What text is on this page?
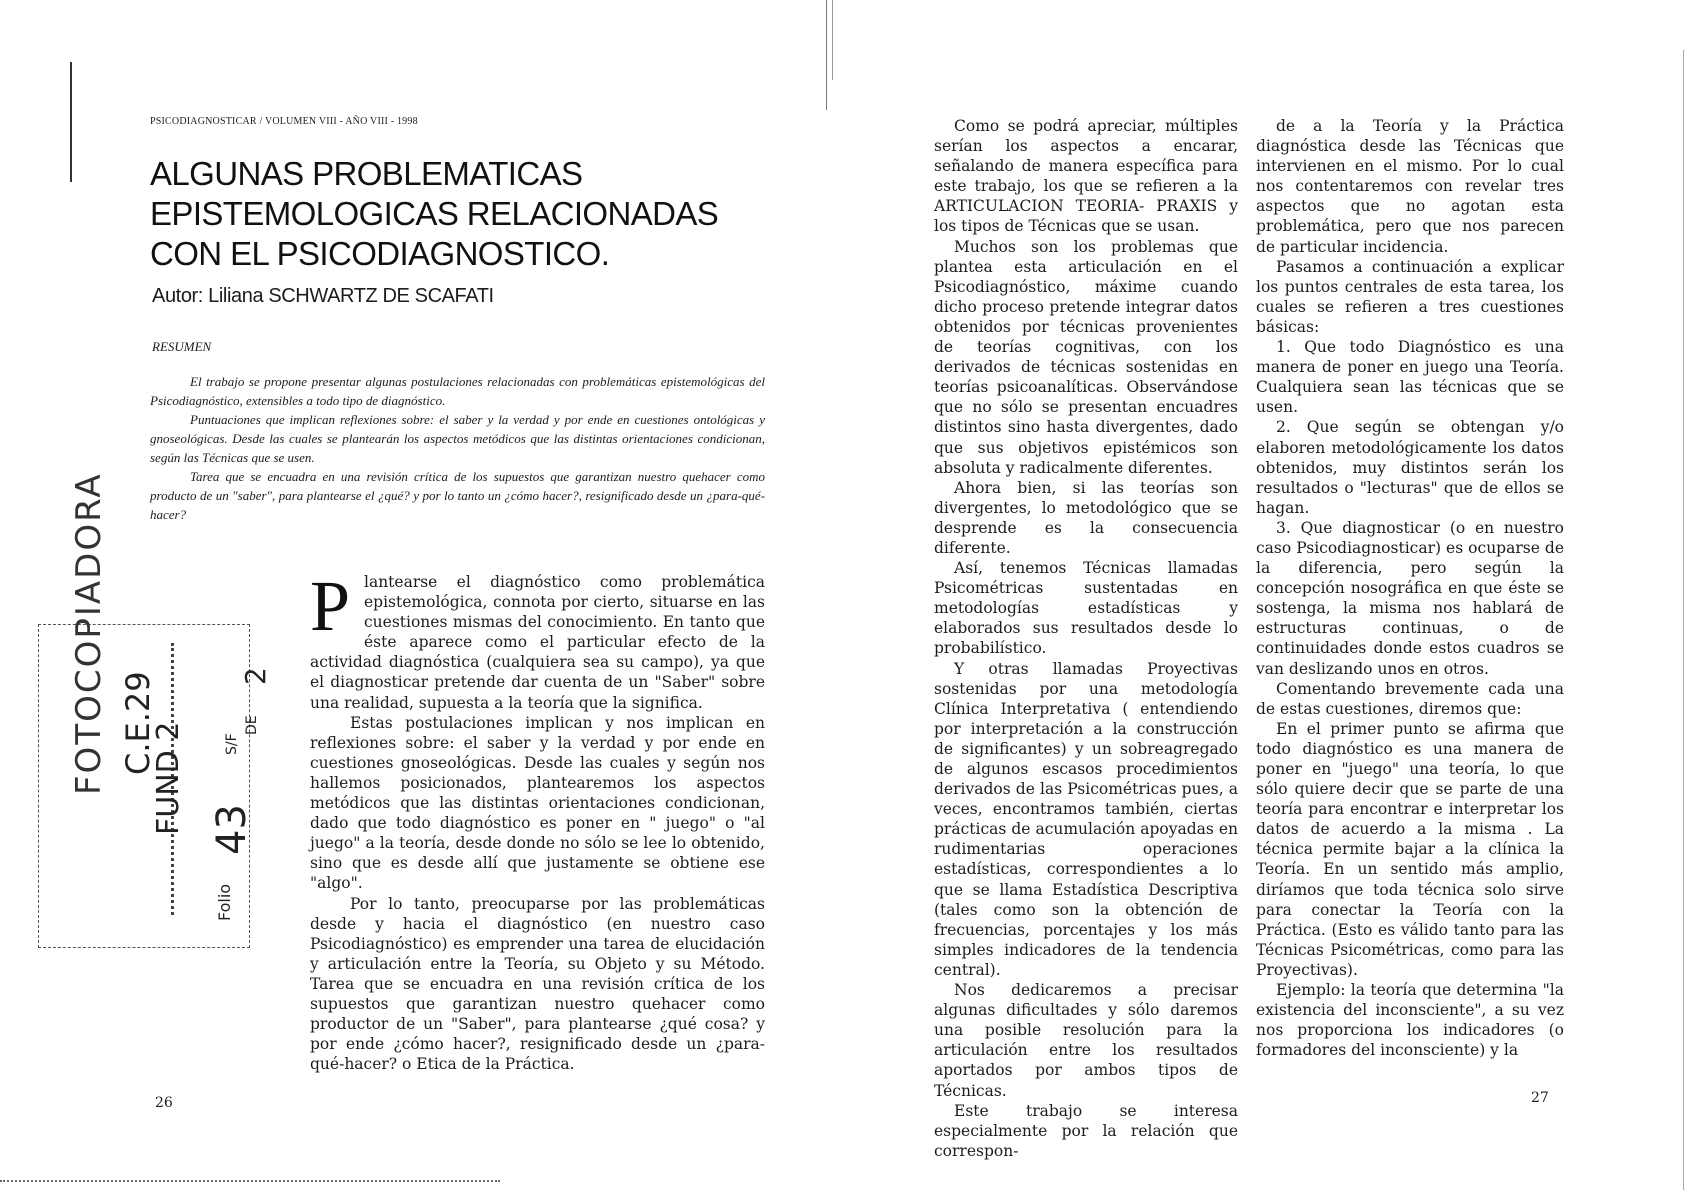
PSICODIAGNOSTICAR / VOLUMEN VIII - AÑO VIII - 1998
ALGUNAS PROBLEMATICAS EPISTEMOLOGICAS RELACIONADAS CON EL PSICODIAGNOSTICO.
Autor: Liliana SCHWARTZ DE SCAFATI
RESUMEN

El trabajo se propone presentar algunas postulaciones relacionadas con problemáticas epistemológicas del Psicodiagnóstico, extensibles a todo tipo de diagnóstico.

Puntuaciones que implican reflexiones sobre: el saber y la verdad y por ende en cuestiones ontológicas y gnoseológicas. Desde las cuales se plantearán los aspectos metódicos que las distintas orientaciones condicionan, según las Técnicas que se usen.

Tarea que se encuadra en una revisión crítica de los supuestos que garantizan nuestro quehacer como producto de un "saber", para plantearse el ¿qué? y por lo tanto un ¿cómo hacer?, resignificado desde un ¿para-qué-hacer?

Plantearse el diagnóstico como problemática epistemológica, connota por cierto, situarse en las cuestiones mismas del conocimiento. En tanto que éste aparece como el particular efecto de la actividad diagnóstica (cualquiera sea su campo), ya que el diagnosticar pretende dar cuenta de un "Saber" sobre una realidad, supuesta a la teoría que la significa.

Estas postulaciones implican y nos implican en reflexiones sobre: el saber y la verdad y por ende en cuestiones gnoseológicas. Desde las cuales y según nos hallemos posicionados, plantearemos los aspectos metódicos que las distintas orientaciones condicionan, dado que todo diagnóstico es poner en " juego" o "al juego" a la teoría, desde donde no sólo se lee lo obtenido, sino que es desde allí que justamente se obtiene ese "algo".

Por lo tanto, preocuparse por las problemáticas desde y hacia el diagnóstico (en nuestro caso Psicodiagnóstico) es emprender una tarea de elucidación y articulación entre la Teoría, su Objeto y su Método. Tarea que se encuadra en una revisión crítica de los supuestos que garantizan nuestro quehacer como productor de un "Saber", para plantearse ¿qué cosa? y por ende ¿cómo hacer?, resignificado desde un ¿para-qué-hacer? o Etica de la Práctica.

26
FOTOCOPIADORA C.E.29
FUND 2
Folio
43
S/F
DE
2

Como se podrá apreciar, múltiples serían los aspectos a encarar, señalando de manera específica para este trabajo, los que se refieren a la ARTICULACION TEORIA- PRAXIS y los tipos de Técnicas que se usan.

Muchos son los problemas que plantea esta articulación en el Psicodiagnóstico, máxime cuando dicho proceso pretende integrar datos obtenidos por técnicas provenientes de teorías cognitivas, con los derivados de técnicas sostenidas en teorías psicoanalíticas. Observándose que no sólo se presentan encuadres distintos sino hasta divergentes, dado que sus objetivos epistémicos son absoluta y radicalmente diferentes.

Ahora bien, si las teorías son divergentes, lo metodológico que se desprende es la consecuencia diferente.

Así, tenemos Técnicas llamadas Psicométricas sustentadas en metodologías estadísticas y elaborados sus resultados desde lo probabilístico.

Y otras llamadas Proyectivas sostenidas por una metodología Clínica Interpretativa ( entendiendo por interpretación a la construcción de significantes) y un sobreagregado de algunos escasos procedimientos derivados de las Psicométricas pues, a veces, encontramos también, ciertas prácticas de acumulación apoyadas en rudimentarias operaciones estadísticas, correspondientes a lo que se llama Estadística Descriptiva (tales como son la obtención de frecuencias, porcentajes y los más simples indicadores de la tendencia central).

Nos dedicaremos a precisar algunas dificultades y sólo daremos una posible resolución para la articulación entre los resultados aportados por ambos tipos de Técnicas.

Este trabajo se interesa especialmente por la relación que correspon-

de a la Teoría y la Práctica diagnóstica desde las Técnicas que intervienen en el mismo. Por lo cual nos contentaremos con revelar tres aspectos que no agotan esta problemática, pero que nos parecen de particular incidencia.

Pasamos a continuación a explicar los puntos centrales de esta tarea, los cuales se refieren a tres cuestiones básicas:

1. Que todo Diagnóstico es una manera de poner en juego una Teoría. Cualquiera sean las técnicas que se usen.

2. Que según se obtengan y/o elaboren metodológicamente los datos obtenidos, muy distintos serán los resultados o "lecturas" que de ellos se hagan.

3. Que diagnosticar (o en nuestro caso Psicodiagnosticar) es ocuparse de la diferencia, pero según la concepción nosográfica en que éste se sostenga, la misma nos hablará de estructuras continuas, o de continuidades donde estos cuadros se van deslizando unos en otros.

Comentando brevemente cada una de estas cuestiones, diremos que:

En el primer punto se afirma que todo diagnóstico es una manera de poner en "juego" una teoría, lo que sólo quiere decir que se parte de una teoría para encontrar e interpretar los datos de acuerdo a la misma . La técnica permite bajar a la clínica la Teoría. En un sentido más amplio, diríamos que toda técnica solo sirve para conectar la Teoría con la Práctica. (Esto es válido tanto para las Técnicas Psicométricas, como para las Proyectivas).

Ejemplo: la teoría que determina "la existencia del inconsciente", a su vez nos proporciona los indicadores (o formadores del inconsciente) y la

27
